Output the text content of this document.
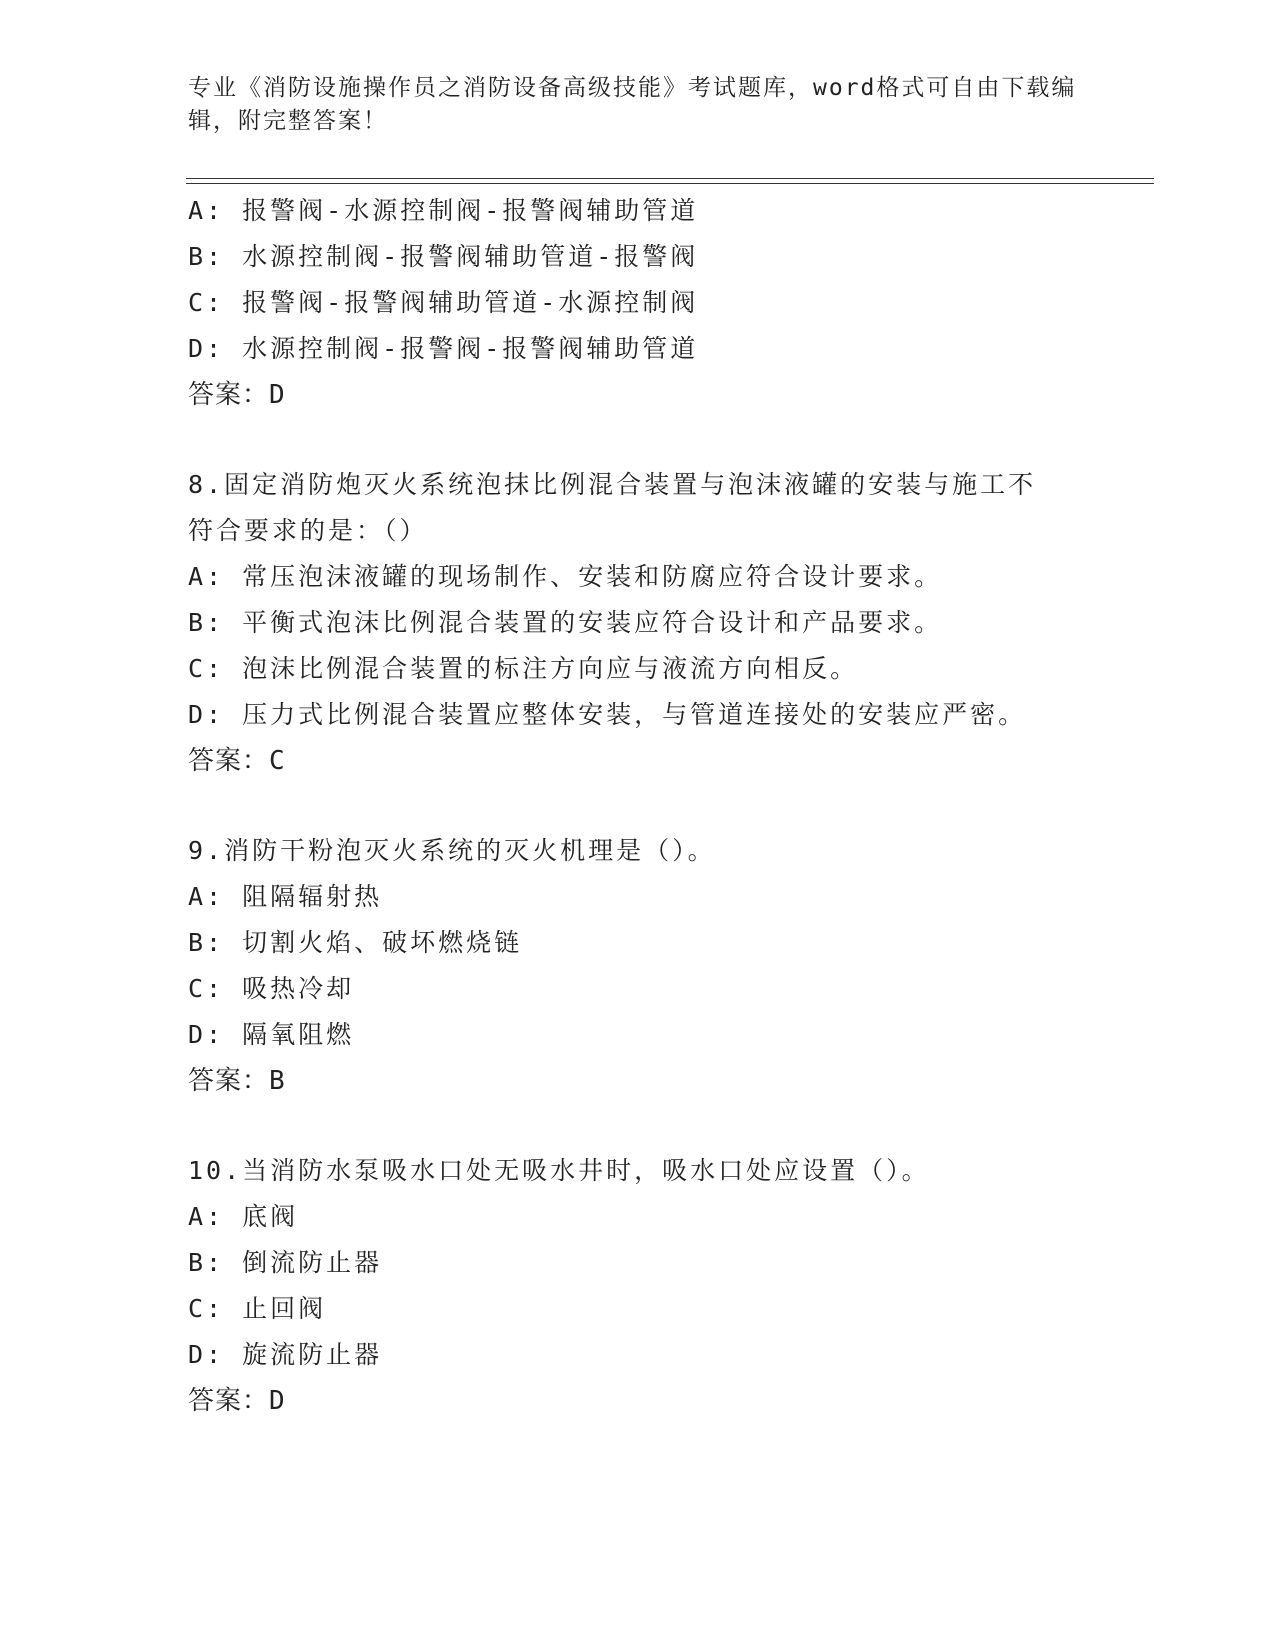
专业《消防设施操作员之消防设备高级技能》考试题库，word格式可自由下载编辑，附完整答案！
A: 报警阀-水源控制阀-报警阀辅助管道
B: 水源控制阀-报警阀辅助管道-报警阀
C: 报警阀-报警阀辅助管道-水源控制阀
D: 水源控制阀-报警阀-报警阀辅助管道
答案：D
8.固定消防炮灭火系统泡抹比例混合装置与泡沫液罐的安装与施工不
符合要求的是：（）
A: 常压泡沫液罐的现场制作、安装和防腐应符合设计要求。
B: 平衡式泡沫比例混合装置的安装应符合设计和产品要求。
C: 泡沫比例混合装置的标注方向应与液流方向相反。
D: 压力式比例混合装置应整体安装，与管道连接处的安装应严密。
答案：C
9.消防干粉泡灭火系统的灭火机理是（）。
A: 阻隔辐射热
B: 切割火焰、破坏燃烧链
C: 吸热冷却
D: 隔氧阻燃
答案：B
10.当消防水泵吸水口处无吸水井时，吸水口处应设置（）。
A: 底阀
B: 倒流防止器
C: 止回阀
D: 旋流防止器
答案：D
